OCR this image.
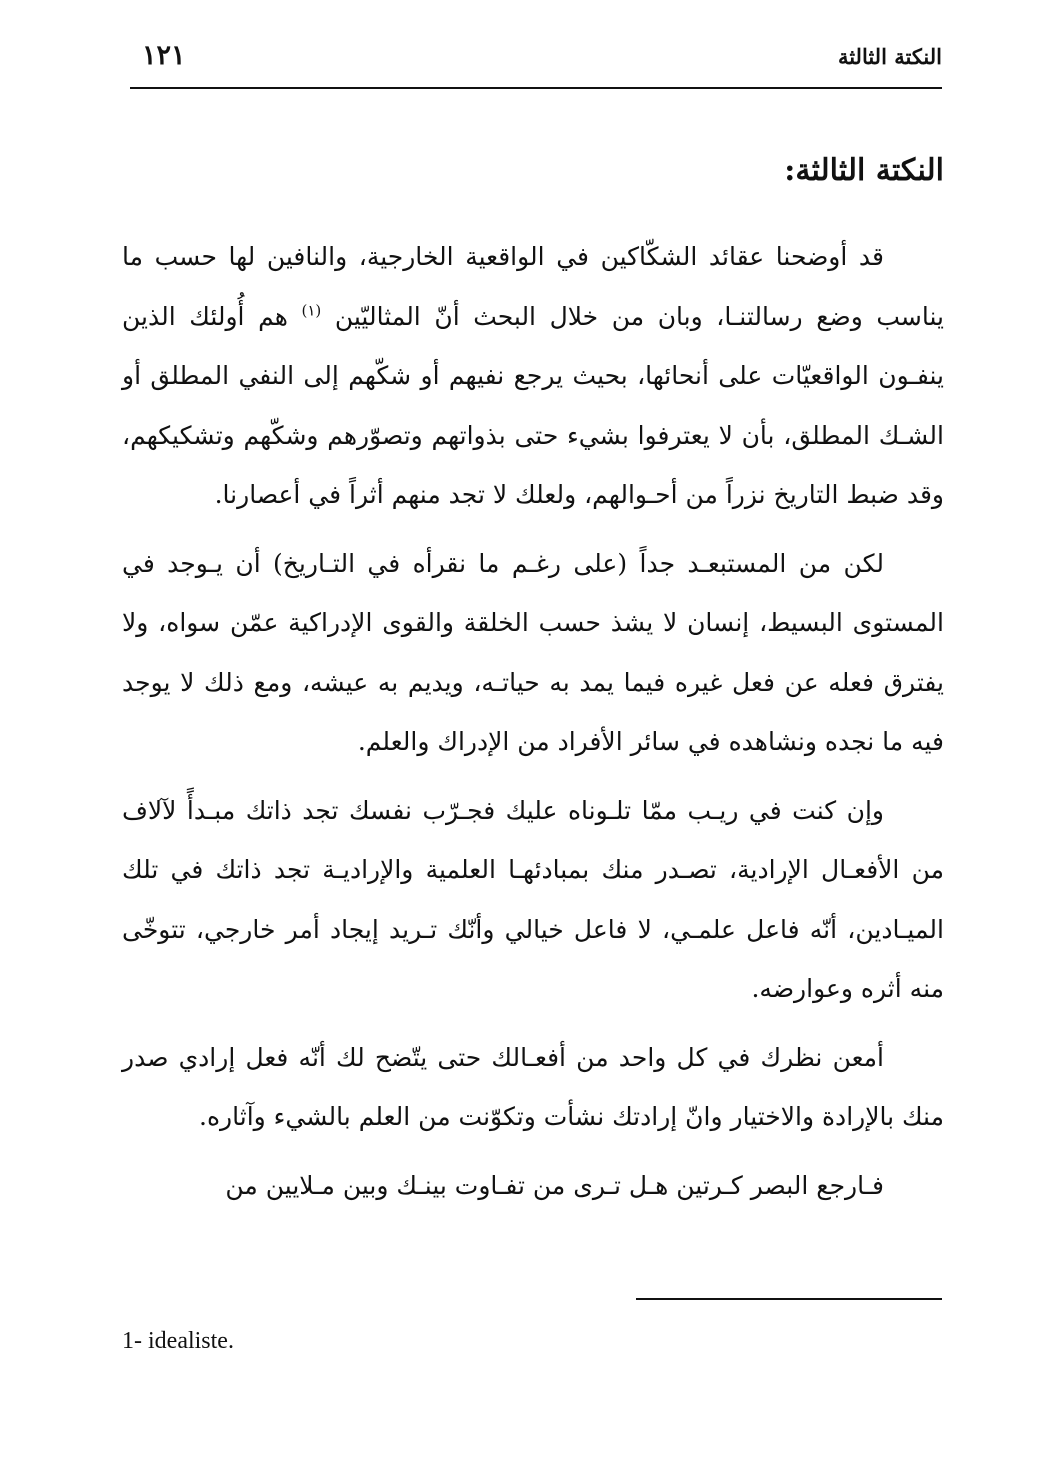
النكتة الثالثة
١٢١
النكتة الثالثة:

قد أوضحنا عقائد الشكّاكين في الواقعية الخارجية، والنافين لها حسب ما يناسب وضع رسالتنـا، وبان من خلال البحث أنّ المثاليّين $^{(١)}$ هم أُولئك الذين ينفـون الواقعيّات على أنحائها، بحيث يرجع نفيهم أو شكّهم إلى النفي المطلق أو الشـك المطلق، بأن لا يعترفوا بشيء حتى بذواتهم وتصوّرهم وشكّهم وتشكيكهم، وقد ضبط التاريخ نزراً من أحـوالهم، ولعلك لا تجد منهم أثراً في أعصارنا.

لكن من المستبعـد جداً (على رغـم ما نقرأه في التـاريخ) أن يـوجد في المستوى البسيط، إنسان لا يشذ حسب الخلقة والقوى الإدراكية عمّن سواه، ولا يفترق فعله عن فعل غيره فيما يمد به حياتـه، ويديم به عيشه، ومع ذلك لا يوجد فيه ما نجده ونشاهده في سائر الأفراد من الإدراك والعلم.

وإن كنت في ريـب ممّا تلـوناه عليك فجـرّب نفسك تجد ذاتك مبـدأً لآلاف من الأفعـال الإرادية، تصـدر منك بمبادئهـا العلمية والإراديـة تجد ذاتك في تلك الميـادين، أنّه فاعل علمـي، لا فاعل خيالي وأنّك تـريد إيجاد أمر خارجي، تتوخّى منه أثره وعوارضه.

أمعن نظرك في كل واحد من أفعـالك حتى يتّضح لك أنّه فعل إرادي صدر منك بالإرادة والاختيار وانّ إرادتك نشأت وتكوّنت من العلم بالشيء وآثاره.

فـارجع البصر كـرتين هـل تـرى من تفـاوت بينـك وبين مـلايين من

1- idealiste.
